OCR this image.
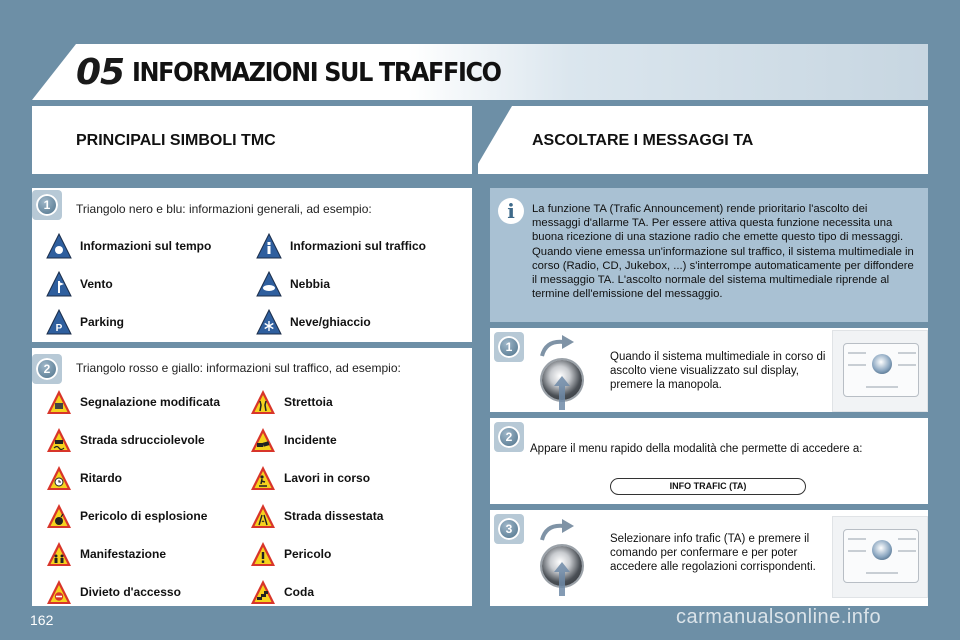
05 INFORMAZIONI SUL TRAFFICO
PRINCIPALI SIMBOLI TMC	ASCOLTARE I MESSAGGI TA
1	Triangolo nero e blu: informazioni generali, ad esempio:
Informazioni sul tempo	Informazioni sul traffico
Vento	Nebbia
P Parking	Neve/ghiaccio
2	Triangolo rosso e giallo: informazioni sul traffico, ad esempio:
Segnalazione modificata	Strettoia
Strada sdrucciolevole	Incidente
Ritardo	Lavori in corso
Pericolo di esplosione	Strada dissestata
Manifestazione	Pericolo
Divieto d'accesso	Coda
i	La funzione TA (Trafic Announcement) rende prioritario l'ascolto dei messaggi d'allarme TA. Per essere attiva questa funzione necessita una buona ricezione di una stazione radio che emette questo tipo di messaggi. Quando viene emessa un'informazione sul traffico, il sistema multimediale in corso (Radio, CD, Jukebox, ...) s'interrompe automaticamente per diffondere il messaggio TA. L'ascolto normale del sistema multimediale riprende al termine dell'emissione del messaggio.
1
Quando il sistema multimediale in corso di ascolto viene visualizzato sul display, premere la manopola.
2
Appare il menu rapido della modalità che permette di accedere a:
INFO TRAFIC (TA)
3
Selezionare info trafic (TA) e premere il comando per confermare e per poter accedere alle regolazioni corrispondenti.
162	carmanualsonline.info
